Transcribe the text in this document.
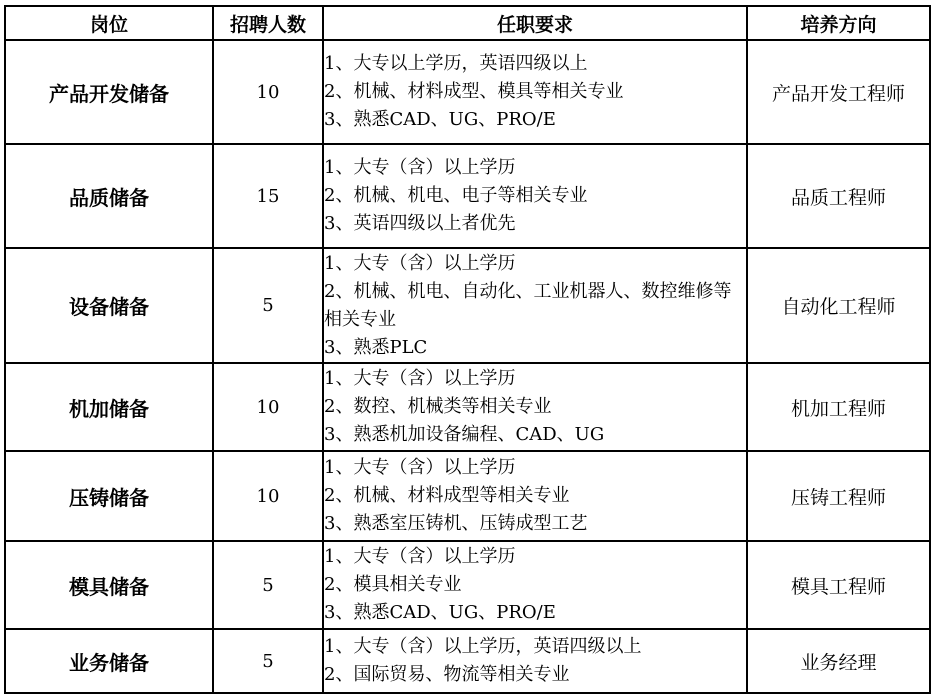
岗位	招聘人数	任职要求	培养方向
产品开发储备	10	1、大专以上学历，英语四级以上
2、机械、材料成型、模具等相关专业
3、熟悉CAD、UG、PRO/E	产品开发工程师
品质储备	15	1、大专（含）以上学历
2、机械、机电、电子等相关专业
3、英语四级以上者优先	品质工程师
设备储备	5	1、大专（含）以上学历
2、机械、机电、自动化、工业机器人、数控维修等相关专业
3、熟悉PLC	自动化工程师
机加储备	10	1、大专（含）以上学历
2、数控、机械类等相关专业
3、熟悉机加设备编程、CAD、UG	机加工程师
压铸储备	10	1、大专（含）以上学历
2、机械、材料成型等相关专业
3、熟悉室压铸机、压铸成型工艺	压铸工程师
模具储备	5	1、大专（含）以上学历
2、模具相关专业
3、熟悉CAD、UG、PRO/E	模具工程师
业务储备	5	1、大专（含）以上学历，英语四级以上
2、国际贸易、物流等相关专业	业务经理
